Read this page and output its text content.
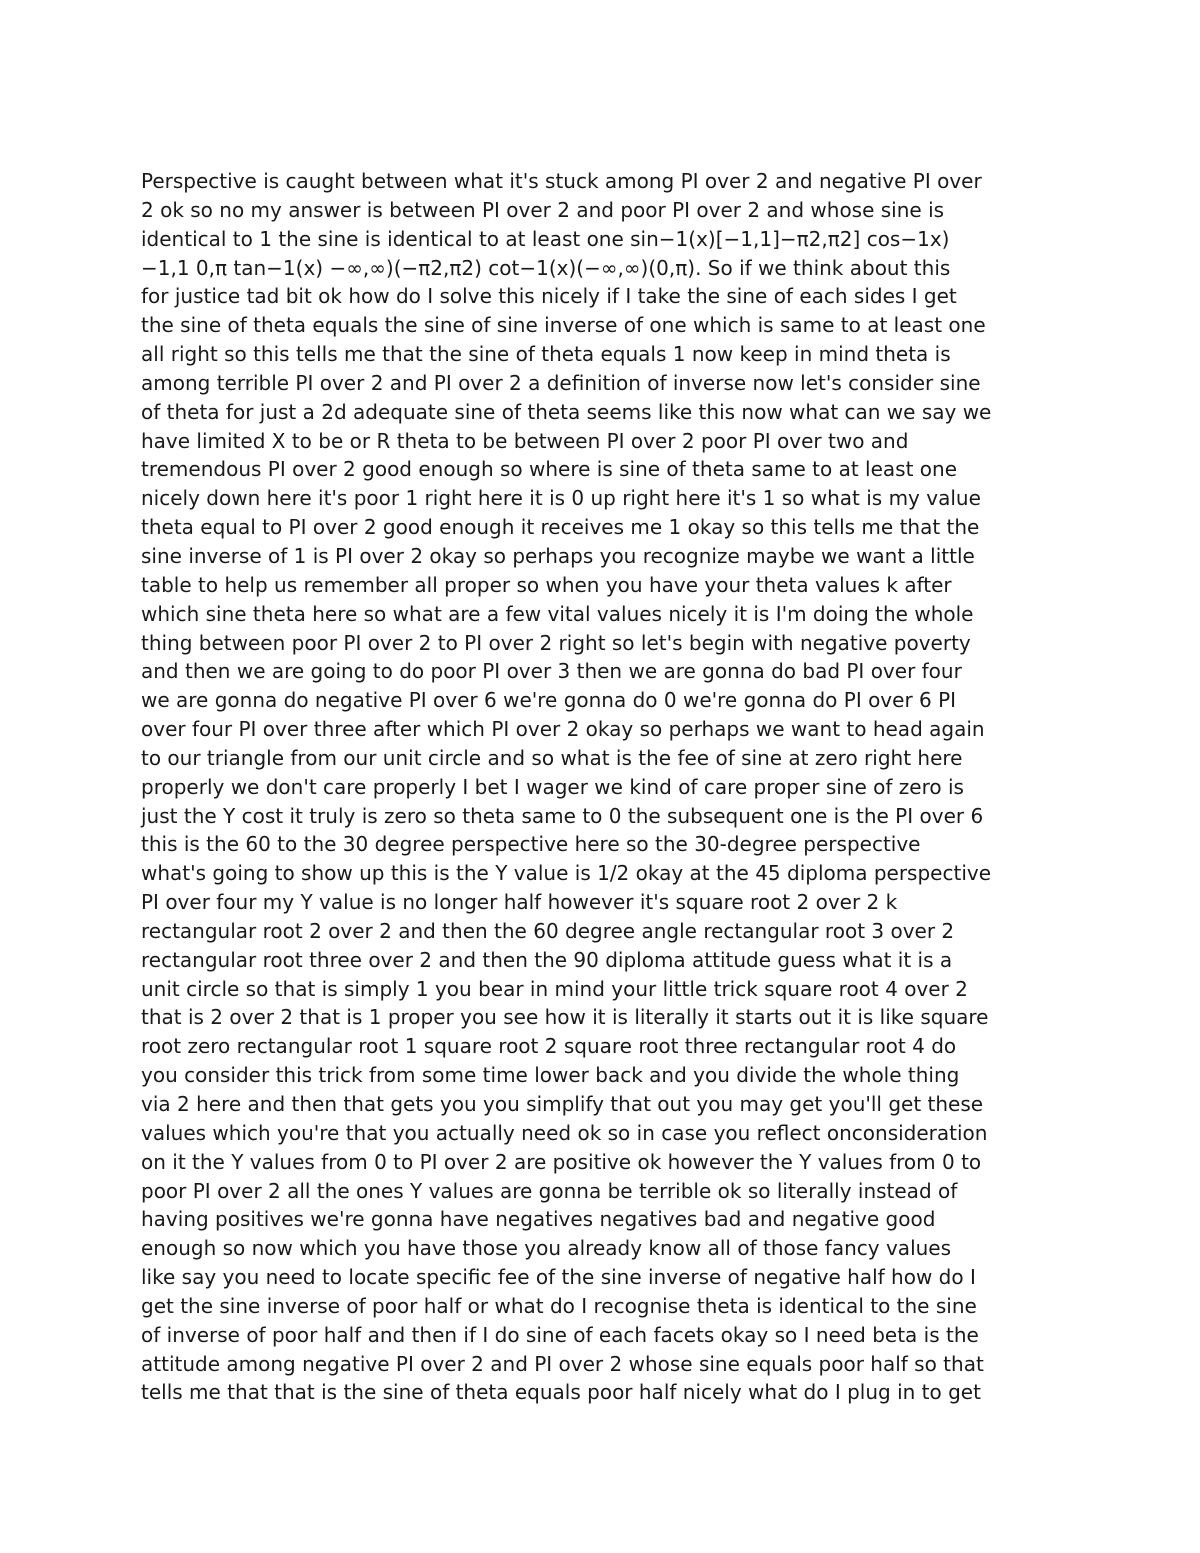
Perspective is caught between what it's stuck among PI over 2 and negative PI over
2 ok so no my answer is between PI over 2 and poor PI over 2 and whose sine is
identical to 1 the sine is identical to at least one sin−1(x)[−1,1]−π2,π2] cos−1x)
−1,1 0,π tan−1(x) −∞,∞)(−π2,π2) cot−1(x)(−∞,∞)(0,π). So if we think about this
for justice tad bit ok how do I solve this nicely if I take the sine of each sides I get
the sine of theta equals the sine of sine inverse of one which is same to at least one
all right so this tells me that the sine of theta equals 1 now keep in mind theta is
among terrible PI over 2 and PI over 2 a definition of inverse now let's consider sine
of theta for just a 2d adequate sine of theta seems like this now what can we say we
have limited X to be or R theta to be between PI over 2 poor PI over two and
tremendous PI over 2 good enough so where is sine of theta same to at least one
nicely down here it's poor 1 right here it is 0 up right here it's 1 so what is my value
theta equal to PI over 2 good enough it receives me 1 okay so this tells me that the
sine inverse of 1 is PI over 2 okay so perhaps you recognize maybe we want a little
table to help us remember all proper so when you have your theta values k after
which sine theta here so what are a few vital values nicely it is I'm doing the whole
thing between poor PI over 2 to PI over 2 right so let's begin with negative poverty
and then we are going to do poor PI over 3 then we are gonna do bad PI over four
we are gonna do negative PI over 6 we're gonna do 0 we're gonna do PI over 6 PI
over four PI over three after which PI over 2 okay so perhaps we want to head again
to our triangle from our unit circle and so what is the fee of sine at zero right here
properly we don't care properly I bet I wager we kind of care proper sine of zero is
just the Y cost it truly is zero so theta same to 0 the subsequent one is the PI over 6
this is the 60 to the 30 degree perspective here so the 30-degree perspective
what's going to show up this is the Y value is 1/2 okay at the 45 diploma perspective
PI over four my Y value is no longer half however it's square root 2 over 2 k
rectangular root 2 over 2 and then the 60 degree angle rectangular root 3 over 2
rectangular root three over 2 and then the 90 diploma attitude guess what it is a
unit circle so that is simply 1 you bear in mind your little trick square root 4 over 2
that is 2 over 2 that is 1 proper you see how it is literally it starts out it is like square
root zero rectangular root 1 square root 2 square root three rectangular root 4 do
you consider this trick from some time lower back and you divide the whole thing
via 2 here and then that gets you you simplify that out you may get you'll get these
values which you're that you actually need ok so in case you reflect onconsideration
on it the Y values from 0 to PI over 2 are positive ok however the Y values from 0 to
poor PI over 2 all the ones Y values are gonna be terrible ok so literally instead of
having positives we're gonna have negatives negatives bad and negative good
enough so now which you have those you already know all of those fancy values
like say you need to locate specific fee of the sine inverse of negative half how do I
get the sine inverse of poor half or what do I recognise theta is identical to the sine
of inverse of poor half and then if I do sine of each facets okay so I need beta is the
attitude among negative PI over 2 and PI over 2 whose sine equals poor half so that
tells me that that is the sine of theta equals poor half nicely what do I plug in to get
